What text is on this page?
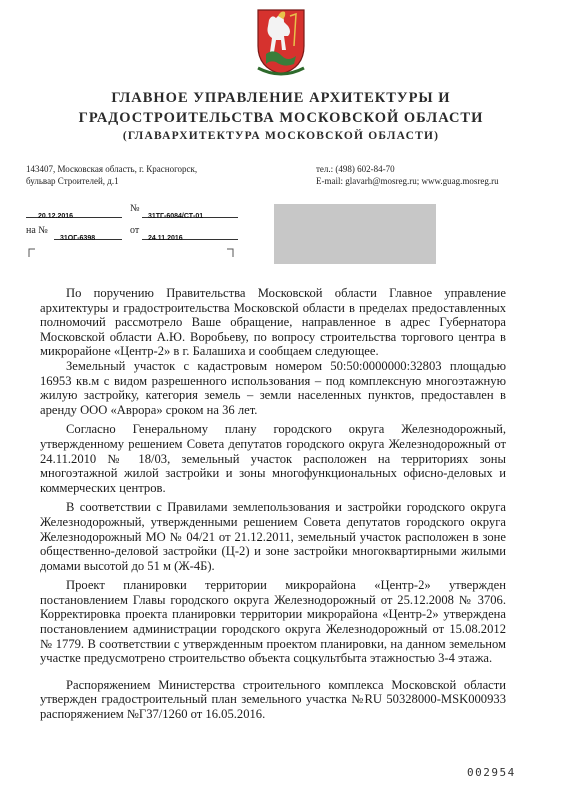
ГЛАВНОЕ УПРАВЛЕНИЕ АРХИТЕКТУРЫ И
ГРАДОСТРОИТЕЛЬСТВА МОСКОВСКОЙ ОБЛАСТИ
(ГЛАВАРХИТЕКТУРА МОСКОВСКОЙ ОБЛАСТИ)
143407, Московская область, г. Красногорск,
бульвар Строителей, д.1
тел.: (498) 602-84-70
E-mail: glavarh@mosreg.ru; www.guag.mosreg.ru
20.12.2016
№
31ТГ-6084/СТ-01
на №
31ОГ-6398
от
24.11.2016

По поручению Правительства Московской области Главное управление архитектуры и градостроительства Московской области в пределах предоставленных полномочий рассмотрело Ваше обращение, направленное в адрес Губернатора Московской области А.Ю. Воробьеву, по вопросу строительства торгового центра в микрорайоне «Центр-2» в г. Балашиха и сообщаем следующее.

Земельный участок с кадастровым номером 50:50:0000000:32803 площадью 16953 кв.м с видом разрешенного использования – под комплексную многоэтажную жилую застройку, категория земель – земли населенных пунктов, предоставлен в аренду ООО «Аврора» сроком на 36 лет.

Согласно Генеральному плану городского округа Железнодорожный, утвержденному решением Совета депутатов городского округа Железнодорожный от 24.11.2010 № 18/03, земельный участок расположен на территориях зоны многоэтажной жилой застройки и зоны многофункциональных офисно-деловых и коммерческих центров.

В соответствии с Правилами землепользования и застройки городского округа Железнодорожный, утвержденными решением Совета депутатов городского округа Железнодорожный МО № 04/21 от 21.12.2011, земельный участок расположен в зоне общественно-деловой застройки (Ц-2) и зоне застройки многоквартирными жилыми домами высотой до 51 м (Ж-4Б).

Проект планировки территории микрорайона «Центр-2» утвержден постановлением Главы городского округа Железнодорожный от 25.12.2008 № 3706. Корректировка проекта планировки территории микрорайона «Центр-2» утверждена постановлением администрации городского округа Железнодорожный от 15.08.2012 № 1779. В соответствии с утвержденным проектом планировки, на данном земельном участке предусмотрено строительство объекта соцкультбыта этажностью 3-4 этажа.

Распоряжением Министерства строительного комплекса Московской области утвержден градостроительный план земельного участка №RU 50328000-MSK000933 распоряжением №Г37/1260 от 16.05.2016.

002954
